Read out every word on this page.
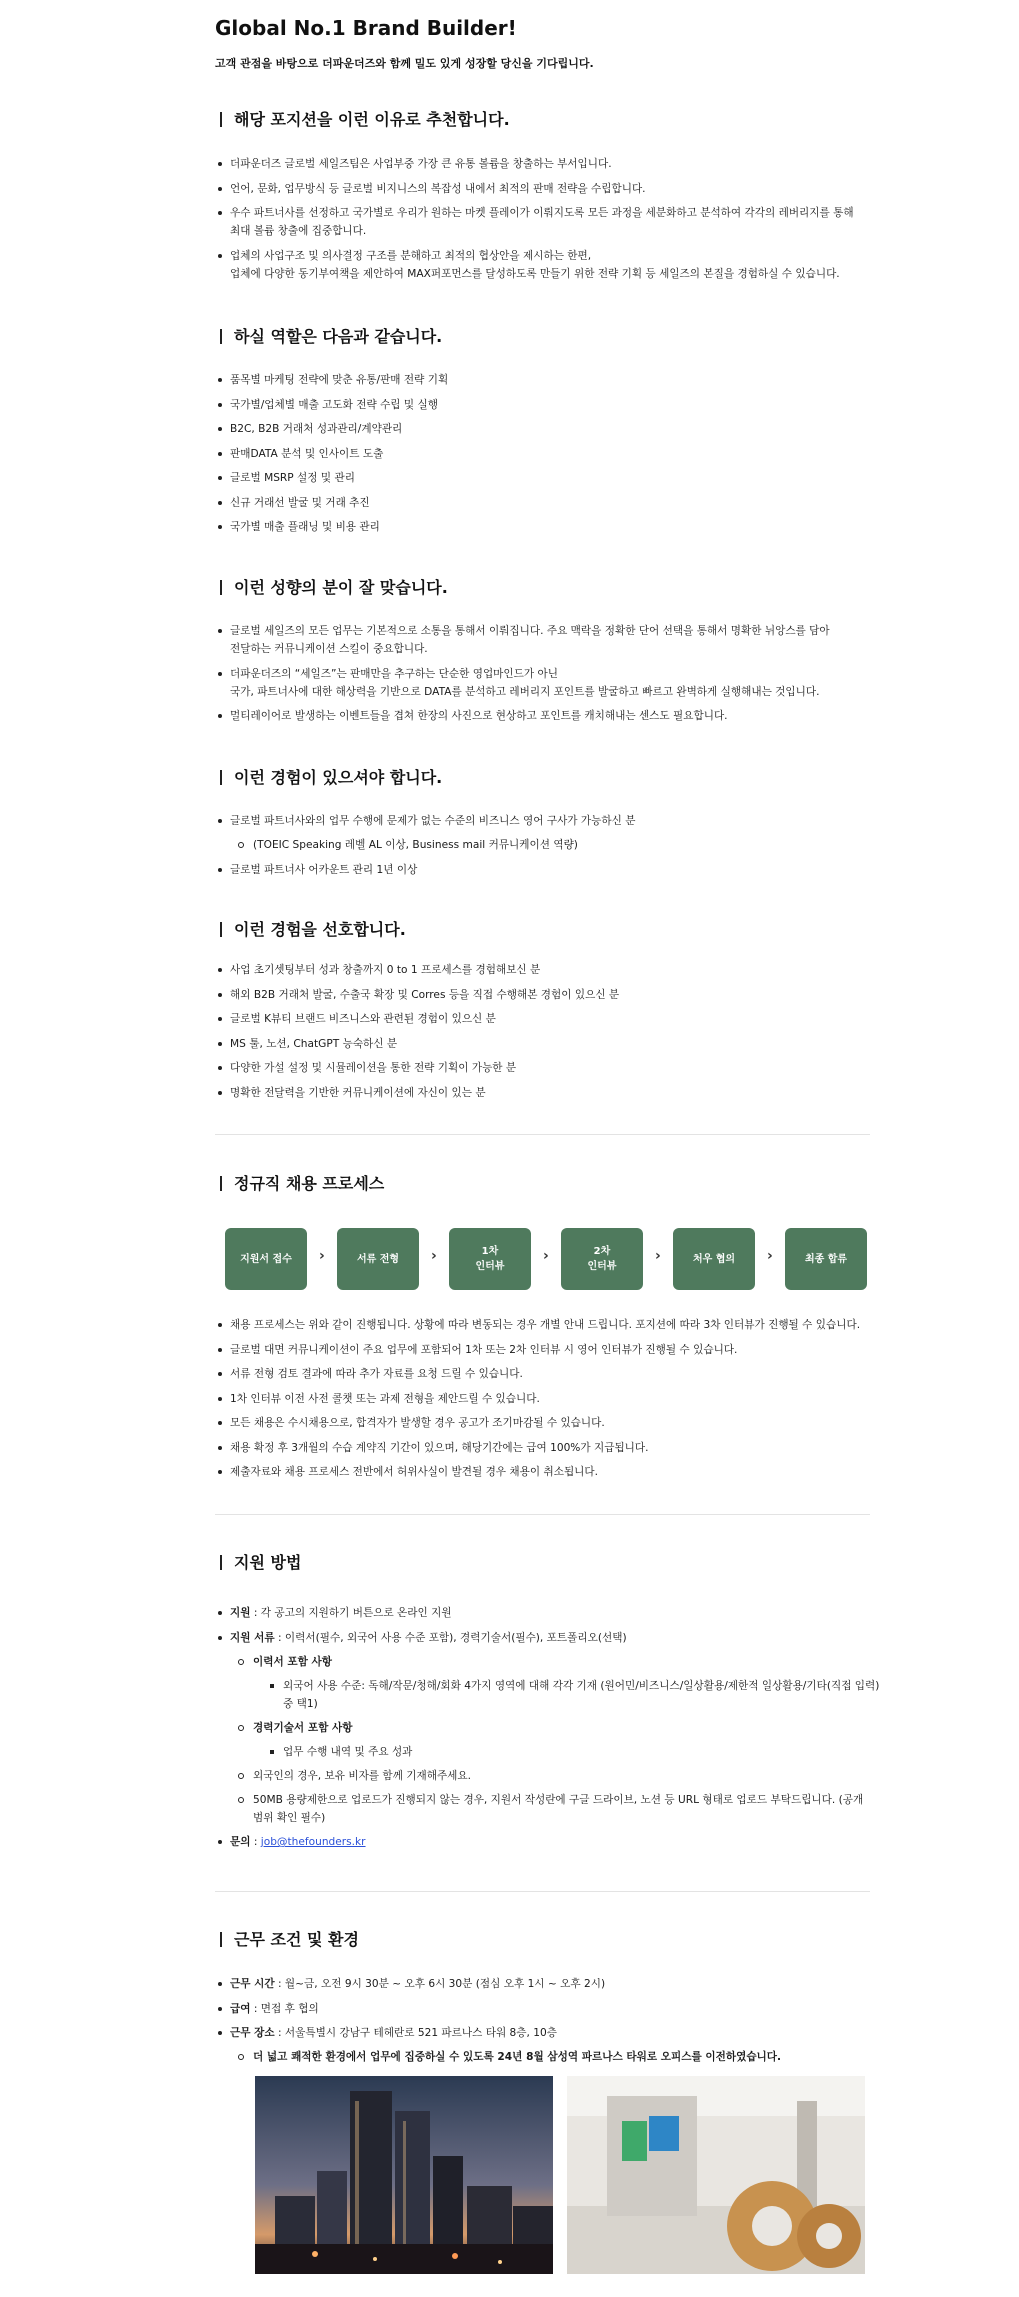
Global No.1 Brand Builder!
고객 관점을 바탕으로 더파운더즈와 함께 밀도 있게 성장할 당신을 기다립니다.
해당 포지션을 이런 이유로 추천합니다.
더파운더즈 글로벌 세일즈팀은 사업부중 가장 큰 유통 볼륨을 창출하는 부서입니다.
언어, 문화, 업무방식 등 글로벌 비지니스의 복잡성 내에서 최적의 판매 전략을 수립합니다.
우수 파트너사를 선정하고 국가별로 우리가 원하는 마켓 플레이가 이뤄지도록 모든 과정을 세분화하고 분석하여 각각의 레버리지를 통해
최대 볼륨 창출에 집중합니다.
업체의 사업구조 및 의사결정 구조를 분해하고 최적의 협상안을 제시하는 한편,
업체에 다양한 동기부여책을 제안하여 MAX퍼포먼스를 달성하도록 만들기 위한 전략 기획 등 세일즈의 본질을 경험하실 수 있습니다.
하실 역할은 다음과 같습니다.
품목별 마케팅 전략에 맞춘 유통/판매 전략 기획
국가별/업체별 매출 고도화 전략 수립 및 실행
B2C, B2B 거래처 성과관리/계약관리
판매DATA 분석 및 인사이트 도출
글로벌 MSRP 설정 및 관리
신규 거래선 발굴 및 거래 추진
국가별 매출 플래닝 및 비용 관리
이런 성향의 분이 잘 맞습니다.
글로벌 세일즈의 모든 업무는 기본적으로 소통을 통해서 이뤄집니다. 주요 맥락을 정확한 단어 선택을 통해서 명확한 뉘앙스를 담아
전달하는 커뮤니케이션 스킬이 중요합니다.
더파운더즈의 “세일즈”는 판매만을 추구하는 단순한 영업마인드가 아닌
국가, 파트너사에 대한 해상력을 기반으로 DATA를 분석하고 레버리지 포인트를 발굴하고 빠르고 완벽하게 실행해내는 것입니다.
멀티레이어로 발생하는 이벤트들을 겹쳐 한장의 사진으로 현상하고 포인트를 캐치해내는 센스도 필요합니다.
이런 경험이 있으셔야 합니다.
글로벌 파트너사와의 업무 수행에 문제가 없는 수준의 비즈니스 영어 구사가 가능하신 분
(TOEIC Speaking 레벨 AL 이상, Business mail 커뮤니케이션 역량)
글로벌 파트너사 어카운트 관리 1년 이상
이런 경험을 선호합니다.
사업 초기셋팅부터 성과 창출까지 0 to 1 프로세스를 경험해보신 분
해외 B2B 거래처 발굴, 수출국 확장 및 Corres 등을 직접 수행해본 경험이 있으신 분
글로벌 K뷰티 브랜드 비즈니스와 관련된 경험이 있으신 분
MS 툴, 노션, ChatGPT 능숙하신 분
다양한 가설 설정 및 시뮬레이션을 통한 전략 기획이 가능한 분
명확한 전달력을 기반한 커뮤니케이션에 자신이 있는 분
정규직 채용 프로세스
지원서 접수	›	서류 전형	›	1차
인터뷰
›	2차
인터뷰
›	처우 협의	›	최종 합류
채용 프로세스는 위와 같이 진행됩니다. 상황에 따라 변동되는 경우 개별 안내 드립니다. 포지션에 따라 3차 인터뷰가 진행될 수 있습니다.
글로벌 대면 커뮤니케이션이 주요 업무에 포함되어 1차 또는 2차 인터뷰 시 영어 인터뷰가 진행될 수 있습니다.
서류 전형 검토 결과에 따라 추가 자료를 요청 드릴 수 있습니다.
1차 인터뷰 이전 사전 콜챗 또는 과제 전형을 제안드릴 수 있습니다.
모든 채용은 수시채용으로, 합격자가 발생할 경우 공고가 조기마감될 수 있습니다.
채용 확정 후 3개월의 수습 계약직 기간이 있으며, 해당기간에는 급여 100%가 지급됩니다.
제출자료와 채용 프로세스 전반에서 허위사실이 발견될 경우 채용이 취소됩니다.
지원 방법
지원 : 각 공고의 지원하기 버튼으로 온라인 지원
지원 서류 : 이력서(필수, 외국어 사용 수준 포함), 경력기술서(필수), 포트폴리오(선택)
이력서 포함 사항
외국어 사용 수준: 독해/작문/청해/회화 4가지 영역에 대해 각각 기재 (원어민/비즈니스/일상활용/제한적 일상활용/기타(직접 입력)
중 택1)
경력기술서 포함 사항
업무 수행 내역 및 주요 성과
외국인의 경우, 보유 비자를 함께 기재해주세요.
50MB 용량제한으로 업로드가 진행되지 않는 경우, 지원서 작성란에 구글 드라이브, 노션 등 URL 형태로 업로드 부탁드립니다. (공개
범위 확인 필수)
문의 : job@thefounders.kr
근무 조건 및 환경
근무 시간 : 월~금, 오전 9시 30분 ~ 오후 6시 30분 (점심 오후 1시 ~ 오후 2시)
급여 : 면접 후 협의
근무 장소 : 서울특별시 강남구 테헤란로 521 파르나스 타워 8층, 10층
더 넓고 쾌적한 환경에서 업무에 집중하실 수 있도록 24년 8월 삼성역 파르나스 타워로 오피스를 이전하였습니다.
